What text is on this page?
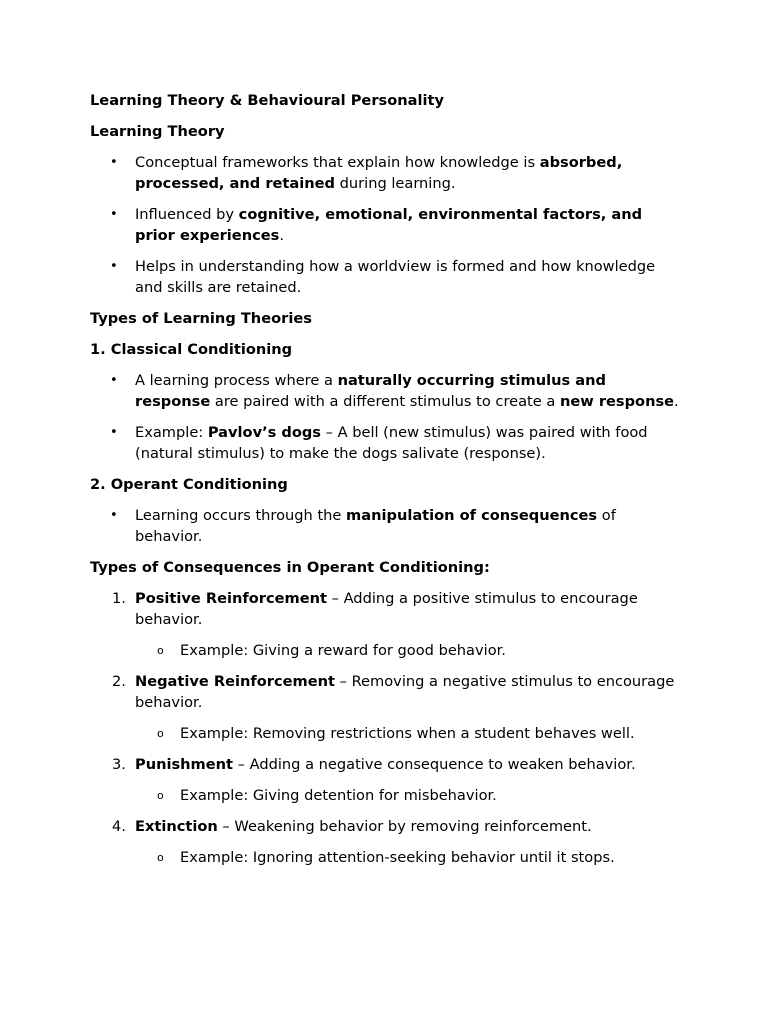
Learning Theory & Behavioural Personality
Learning Theory
• Conceptual frameworks that explain how knowledge is absorbed, processed, and retained during learning.
• Influenced by cognitive, emotional, environmental factors, and prior experiences.
• Helps in understanding how a worldview is formed and how knowledge and skills are retained.
Types of Learning Theories
1. Classical Conditioning
• A learning process where a naturally occurring stimulus and response are paired with a different stimulus to create a new response.
• Example: Pavlov’s dogs – A bell (new stimulus) was paired with food (natural stimulus) to make the dogs salivate (response).
2. Operant Conditioning
• Learning occurs through the manipulation of consequences of behavior.
Types of Consequences in Operant Conditioning:
1. Positive Reinforcement – Adding a positive stimulus to encourage behavior.
o Example: Giving a reward for good behavior.
2. Negative Reinforcement – Removing a negative stimulus to encourage behavior.
o Example: Removing restrictions when a student behaves well.
3. Punishment – Adding a negative consequence to weaken behavior.
o Example: Giving detention for misbehavior.
4. Extinction – Weakening behavior by removing reinforcement.
o Example: Ignoring attention-seeking behavior until it stops.
